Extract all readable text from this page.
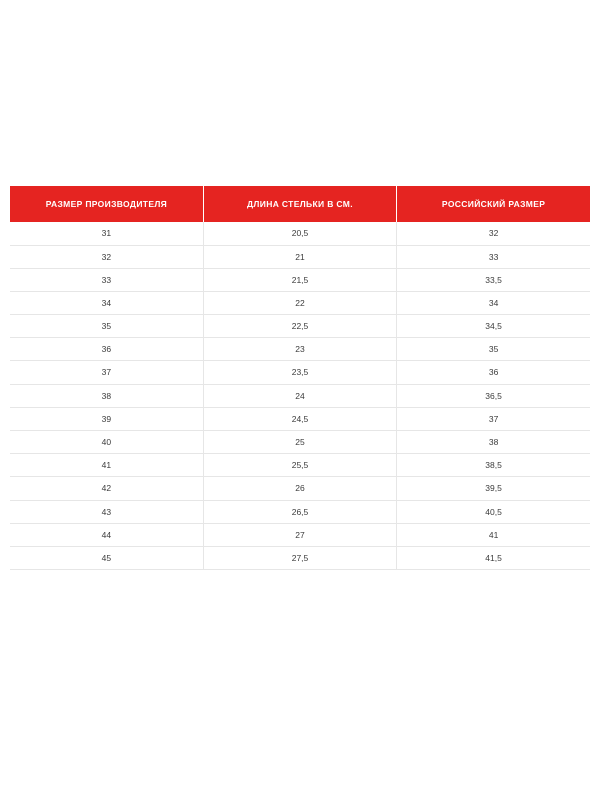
РАЗМЕР ПРОИЗВОДИТЕЛЯ	ДЛИНА СТЕЛЬКИ В СМ.	РОССИЙСКИЙ РАЗМЕР
31	20,5	32
32	21	33
33	21,5	33,5
34	22	34
35	22,5	34,5
36	23	35
37	23,5	36
38	24	36,5
39	24,5	37
40	25	38
41	25,5	38,5
42	26	39,5
43	26,5	40,5
44	27	41
45	27,5	41,5
